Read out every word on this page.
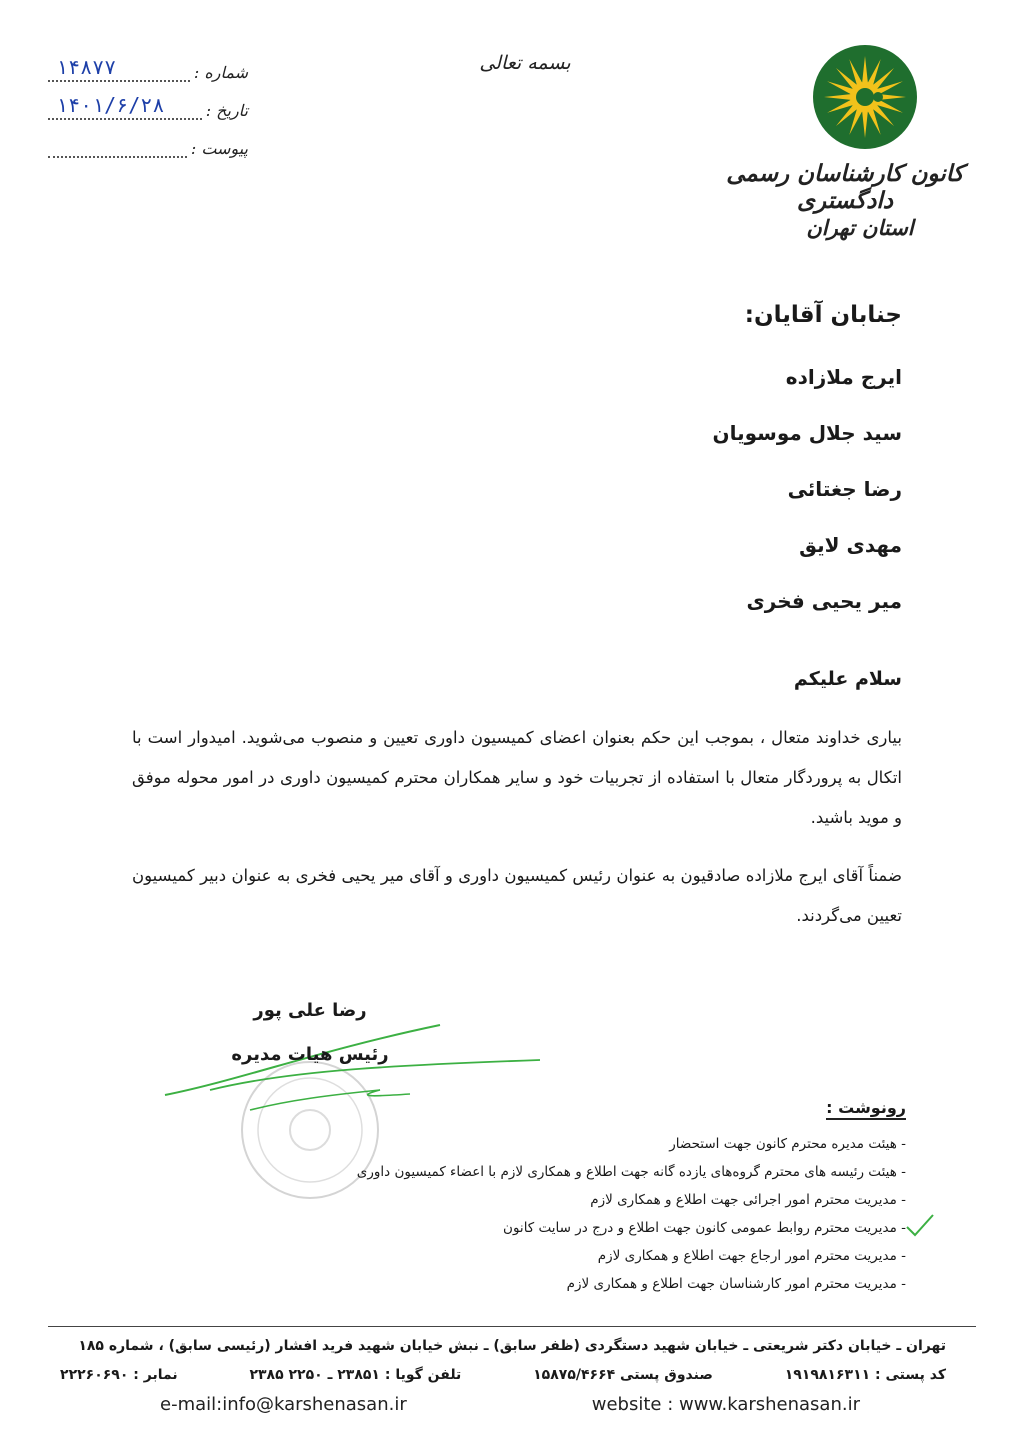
بسمه تعالی
کانون کارشناسان رسمی دادگستری
استان تهران
شماره :
۱۴۸۷۷
تاریخ :
۱۴۰۱/۶/۲۸
پیوست :
جنابان آقایان:
ایرج ملازاده
سید جلال موسویان
رضا جغتائی
مهدی لایق
میر یحیی فخری
سلام علیکم

بیاری خداوند متعال ، بموجب این حکم بعنوان اعضای کمیسیون داوری تعیین و منصوب می‌شوید. امیدوار است با اتکال به پروردگار متعال با استفاده از تجربیات خود و سایر همکاران محترم کمیسیون داوری در امور محوله موفق و موید باشید.

ضمناً آقای ایرج ملازاده صادقیون به عنوان رئیس کمیسیون داوری و آقای میر یحیی فخری به عنوان دبیر کمیسیون تعیین می‌گردند.

رضا علی پور
رئیس هیات مدیره
رونوشت :
- هیئت مدیره محترم کانون جهت استحضار
- هیئت رئیسه های محترم گروه‌های یازده گانه جهت اطلاع و همکاری لازم با اعضاء کمیسیون داوری
- مدیریت محترم امور اجرائی جهت اطلاع و همکاری لازم
- مدیریت محترم روابط عمومی کانون جهت اطلاع و درج در سایت کانون
- مدیریت محترم امور ارجاع جهت اطلاع و همکاری لازم
- مدیریت محترم امور کارشناسان جهت اطلاع و همکاری لازم
تهران ـ خیابان دکتر شریعتی ـ خیابان شهید دستگردی (ظفر سابق) ـ نبش خیابان شهید فرید افشار (رئیسی سابق) ، شماره ۱۸۵
کد پستی : ۱۹۱۹۸۱۶۳۱۱
صندوق پستی ۱۵۸۷۵/۴۶۶۴
تلفن گویا : ۲۳۸۵۱ ـ ۲۲۵۰ ۲۳۸۵
نمابر : ۲۲۲۶۰۶۹۰
e-mail:info@karshenasan.ir	website : www.karshenasan.ir
